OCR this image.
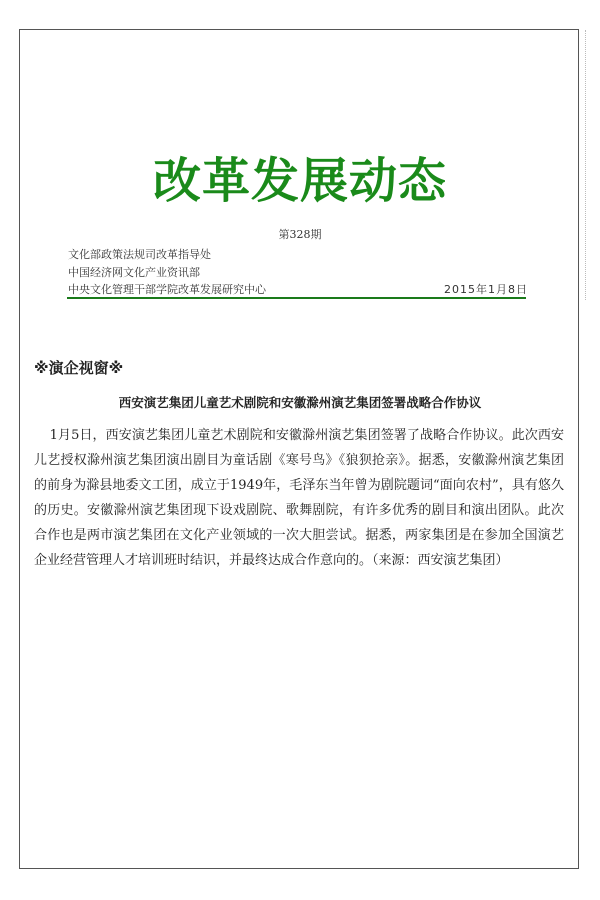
改革发展动态
第328期
文化部政策法规司改革指导处
中国经济网文化产业资讯部
中央文化管理干部学院改革发展研究中心	2015年1月8日
※演企视窗※
西安演艺集团儿童艺术剧院和安徽滁州演艺集团签署战略合作协议
1月5日，西安演艺集团儿童艺术剧院和安徽滁州演艺集团签署了战略合作协议。此次西安儿艺授权滁州演艺集团演出剧目为童话剧《寒号鸟》《狼狈抢亲》。据悉，安徽滁州演艺集团的前身为滁县地委文工团，成立于1949年，毛泽东当年曾为剧院题词“面向农村”，具有悠久的历史。安徽滁州演艺集团现下设戏剧院、歌舞剧院，有许多优秀的剧目和演出团队。此次合作也是两市演艺集团在文化产业领域的一次大胆尝试。据悉，两家集团是在参加全国演艺企业经营管理人才培训班时结识，并最终达成合作意向的。（来源：西安演艺集团）
